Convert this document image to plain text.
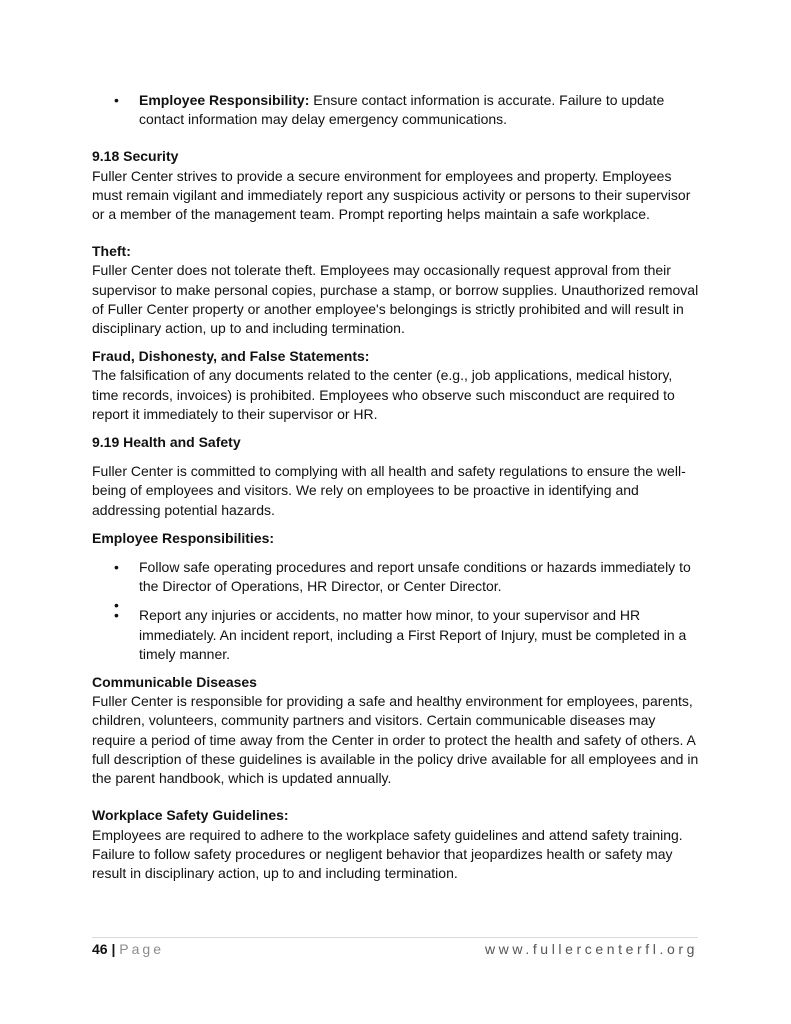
• Employee Responsibility: Ensure contact information is accurate. Failure to update contact information may delay emergency communications.

9.18 Security

Fuller Center strives to provide a secure environment for employees and property. Employees must remain vigilant and immediately report any suspicious activity or persons to their supervisor or a member of the management team. Prompt reporting helps maintain a safe workplace.

Theft:

Fuller Center does not tolerate theft. Employees may occasionally request approval from their supervisor to make personal copies, purchase a stamp, or borrow supplies. Unauthorized removal of Fuller Center property or another employee's belongings is strictly prohibited and will result in disciplinary action, up to and including termination.

Fraud, Dishonesty, and False Statements:

The falsification of any documents related to the center (e.g., job applications, medical history, time records, invoices) is prohibited. Employees who observe such misconduct are required to report it immediately to their supervisor or HR.

9.19 Health and Safety

Fuller Center is committed to complying with all health and safety regulations to ensure the well-being of employees and visitors. We rely on employees to be proactive in identifying and addressing potential hazards.

Employee Responsibilities:

• Follow safe operating procedures and report unsafe conditions or hazards immediately to the Director of Operations, HR Director, or Center Director.
•
• Report any injuries or accidents, no matter how minor, to your supervisor and HR immediately. An incident report, including a First Report of Injury, must be completed in a timely manner.

Communicable Diseases

Fuller Center is responsible for providing a safe and healthy environment for employees, parents, children, volunteers, community partners and visitors. Certain communicable diseases may require a period of time away from the Center in order to protect the health and safety of others. A full description of these guidelines is available in the policy drive available for all employees and in the parent handbook, which is updated annually.

Workplace Safety Guidelines:

Employees are required to adhere to the workplace safety guidelines and attend safety training. Failure to follow safety procedures or negligent behavior that jeopardizes health or safety may result in disciplinary action, up to and including termination.

46 | Page	www.fullercenterfl.org
